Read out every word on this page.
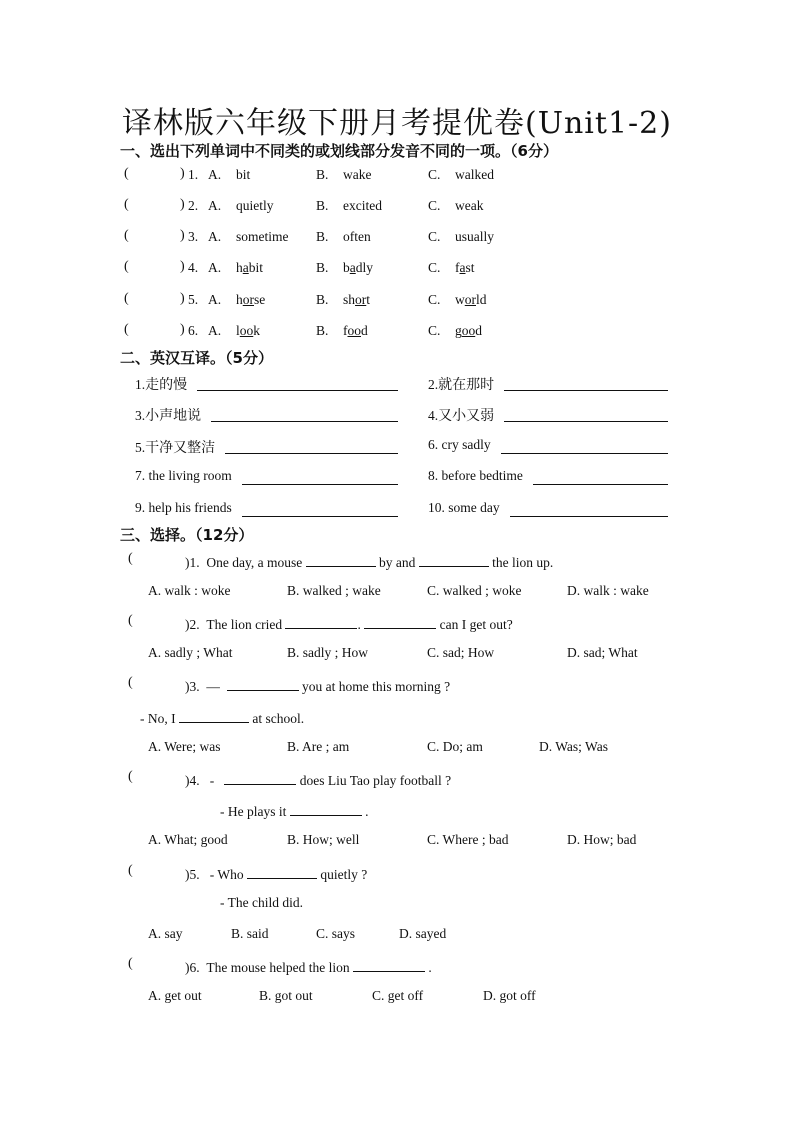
译林版六年级下册月考提优卷(Unit1-2)
一、选出下列单词中不同类的或划线部分发音不同的一项。（6分）
(	) 1. A. bit	B. wake	C. walked
(	) 2. A. quietly	B. excited	C. weak
(	) 3. A. sometime B. often	C. usually
(	) 4. A. habit	B. badly	C. fast
(	) 5. A. horse	B. short	C. world
(	) 6. A. look	B. food	C. good
二、英汉互译。（5分）
1.走的慢	2.就在那时
3.小声地说	4.又小又弱
5.干净又整洁	6. cry sadly
7. the living room	8. before bedtime
9. help his friends	10. some day
三、选择。（12分）
(	)1. One day, a mouse	by and	the lion up.
A. walk : woke	B. walked ; wake	C. walked ; woke	D. walk : wake
(	)2. The lion cried	.	can I get out?
A. sadly ; What	B. sadly ; How	C. sad; How	D. sad; What
(	)3. —	you at home this morning ?
- No, I	at school.
A. Were; was	B. Are ; am	C. Do; am	D. Was; Was
(	)4. -	does Liu Tao play football ?
- He plays it	.
A. What; good	B. How; well	C. Where ; bad	D. How; bad
(	)5. - Who	quietly ?
- The child did.
A. say	B. said	C. says	D. sayed
(	)6. The mouse helped the lion	.
A. get out	B. got out	C. get off	D. got off
